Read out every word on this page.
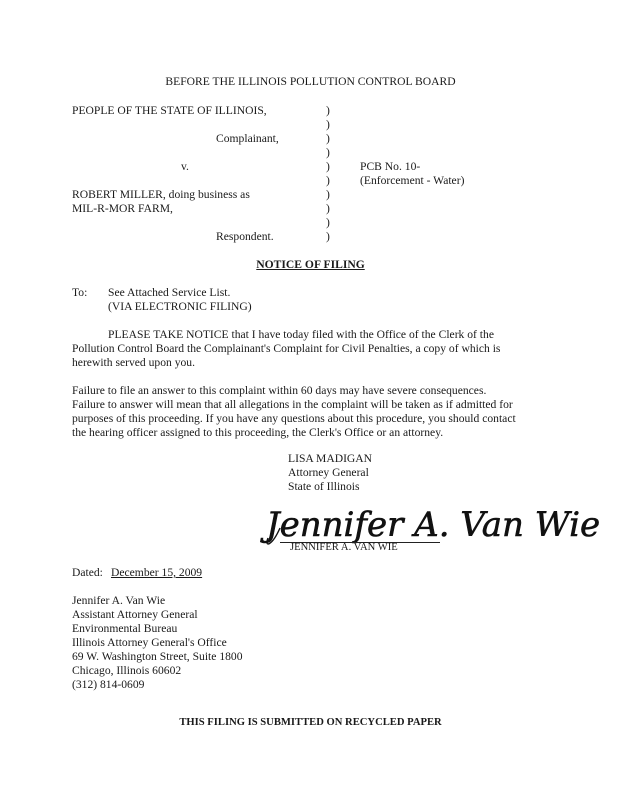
BEFORE THE ILLINOIS POLLUTION CONTROL BOARD
PEOPLE OF THE STATE OF ILLINOIS,
Complainant,
v.
ROBERT MILLER, doing business as
MIL-R-MOR FARM,
Respondent.
)
)
)
)
)
)
)
)
)
)
PCB No. 10-
(Enforcement - Water)
NOTICE OF FILING
To: See Attached Service List.
(VIA ELECTRONIC FILING)
PLEASE TAKE NOTICE that I have today filed with the Office of the Clerk of the
Pollution Control Board the Complainant's Complaint for Civil Penalties, a copy of which is
herewith served upon you.
Failure to file an answer to this complaint within 60 days may have severe consequences.
Failure to answer will mean that all allegations in the complaint will be taken as if admitted for
purposes of this proceeding. If you have any questions about this procedure, you should contact
the hearing officer assigned to this proceeding, the Clerk's Office or an attorney.
LISA MADIGAN
Attorney General
State of Illinois
Jennifer A. Van Wie
JENNIFER A. VAN WIE
Dated: December 15, 2009
Jennifer A. Van Wie
Assistant Attorney General
Environmental Bureau
Illinois Attorney General's Office
69 W. Washington Street, Suite 1800
Chicago, Illinois 60602
(312) 814-0609
THIS FILING IS SUBMITTED ON RECYCLED PAPER
